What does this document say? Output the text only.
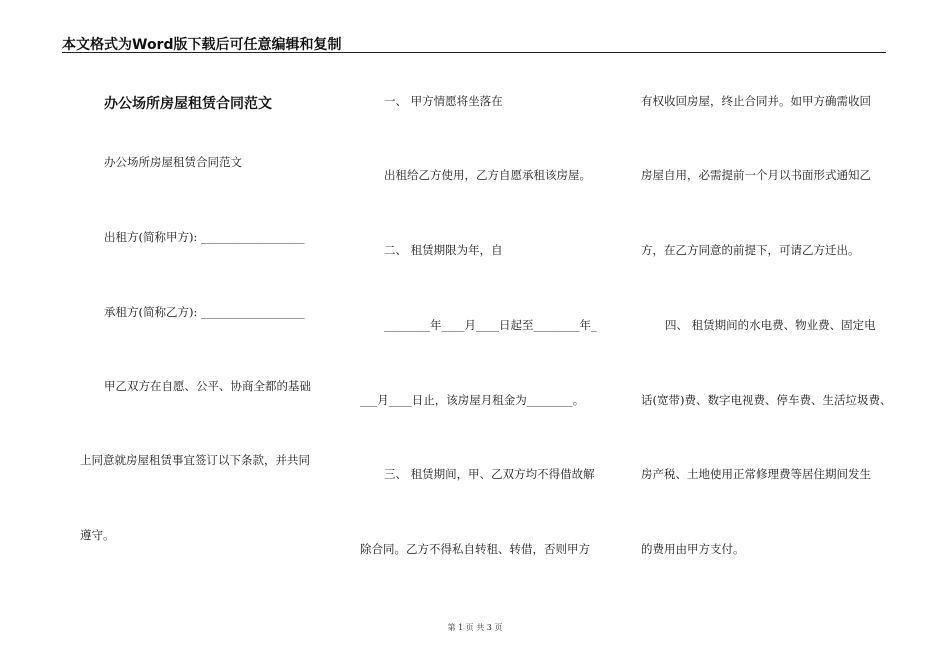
本文格式为Word版下载后可任意编辑和复制
办公场所房屋租赁合同范文
办公场所房屋租赁合同范文
出租方(简称甲方): __________________
承租方(简称乙方): __________________
甲乙双方在自愿、公平、协商全都的基础
上同意就房屋租赁事宜签订以下条款，并共同
遵守。
一、 甲方情愿将坐落在
出租给乙方使用，乙方自愿承租该房屋。
二、 租赁期限为年，自
________年____月____日起至________年_
___月____日止，该房屋月租金为________。
三、 租赁期间，甲、乙双方均不得借故解
除合同。乙方不得私自转租、转借，否则甲方
有权收回房屋，终止合同并。如甲方确需收回
房屋自用，必需提前一个月以书面形式通知乙
方，在乙方同意的前提下，可请乙方迁出。
四、 租赁期间的水电费、物业费、固定电
话(宽带)费、数字电视费、停车费、生活垃圾费、
房产税、土地使用正常修理费等居住期间发生
的费用由甲方支付。
第 1 页 共 3 页
